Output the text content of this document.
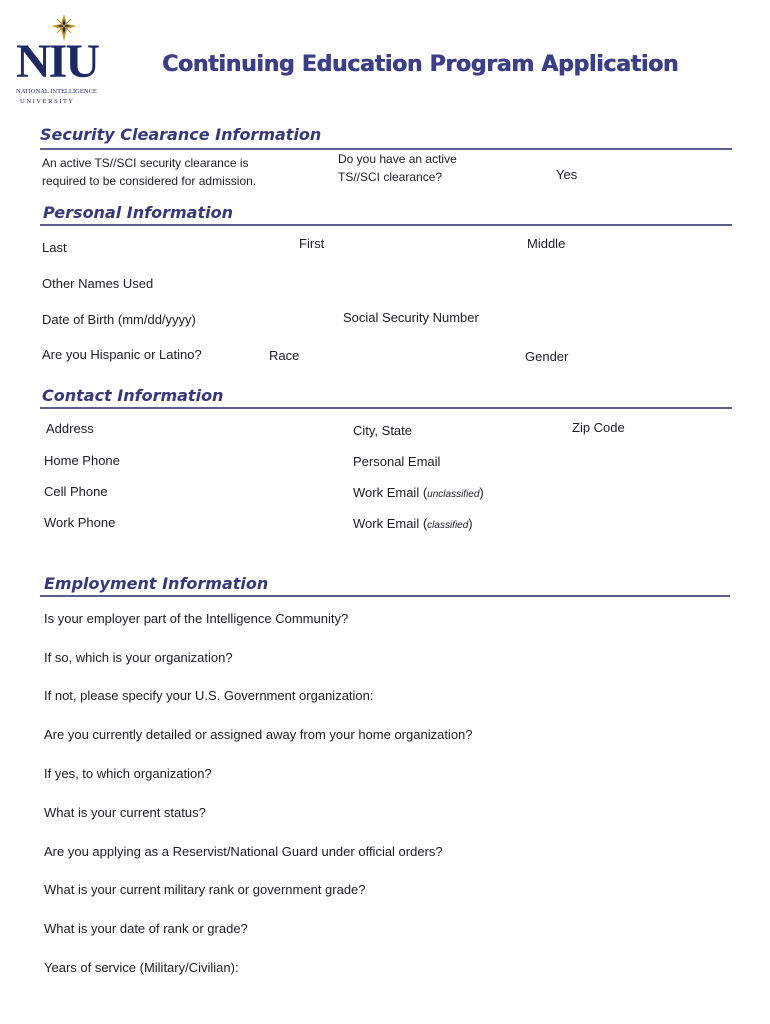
NIU
NATIONAL INTELLIGENCE
U N I V E R S I T Y
Continuing Education Program Application
Security Clearance Information
An active TS//SCI security clearance is
required to be considered for admission.
Do you have an active
TS//SCI clearance?	Yes
Personal Information
Last	First	Middle
Other Names Used
Date of Birth (mm/dd/yyyy)	Social Security Number
Are you Hispanic or Latino?	Race	Gender
Contact Information
Address	City, State	Zip Code
Home Phone	Personal Email
Cell Phone	Work Email (unclassified)
Work Phone	Work Email (classified)
Employment Information
Is your employer part of the Intelligence Community?
If so, which is your organization?
If not, please specify your U.S. Government organization:
Are you currently detailed or assigned away from your home organization?
If yes, to which organization?
What is your current status?
Are you applying as a Reservist/National Guard under official orders?
What is your current military rank or government grade?
What is your date of rank or grade?
Years of service (Military/Civilian):
